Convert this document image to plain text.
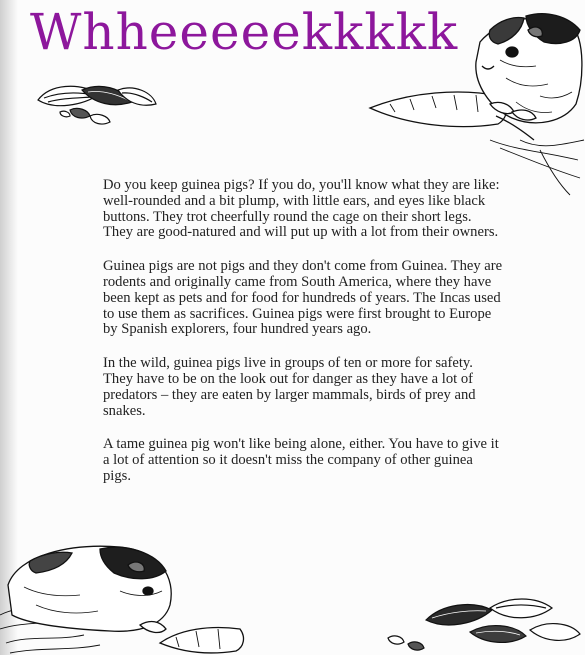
Whheeeeekkkkk

Do you keep guinea pigs? If you do, you'll know what they are like: well-rounded and a bit plump, with little ears, and eyes like black buttons. They trot cheerfully round the cage on their short legs. They are good-natured and will put up with a lot from their owners.

Guinea pigs are not pigs and they don't come from Guinea. They are rodents and originally came from South America, where they have been kept as pets and for food for hundreds of years. The Incas used to use them as sacrifices. Guinea pigs were first brought to Europe by Spanish explorers, four hundred years ago.

In the wild, guinea pigs live in groups of ten or more for safety. They have to be on the look out for danger as they have a lot of predators – they are eaten by larger mammals, birds of prey and snakes.

A tame guinea pig won't like being alone, either. You have to give it a lot of attention so it doesn't miss the company of other guinea pigs.
